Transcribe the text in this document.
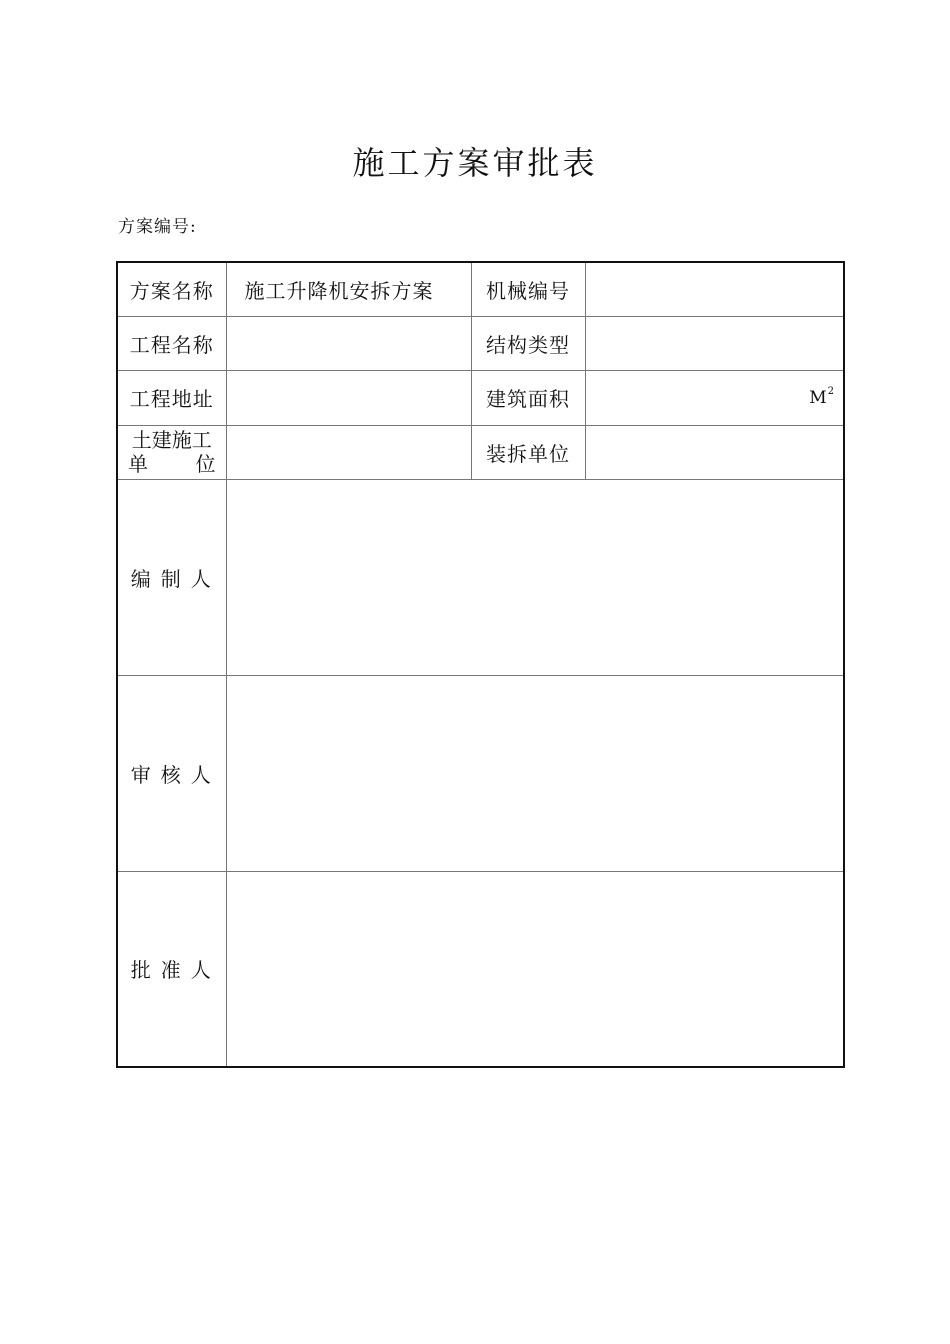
施工方案审批表
方案编号:
方案名称	施工升降机安拆方案	机械编号	
工程名称		结构类型	
工程地址		建筑面积	$M^2$

土建施工
单 位		装拆单位	
编制人			
审核人			
批准人			
